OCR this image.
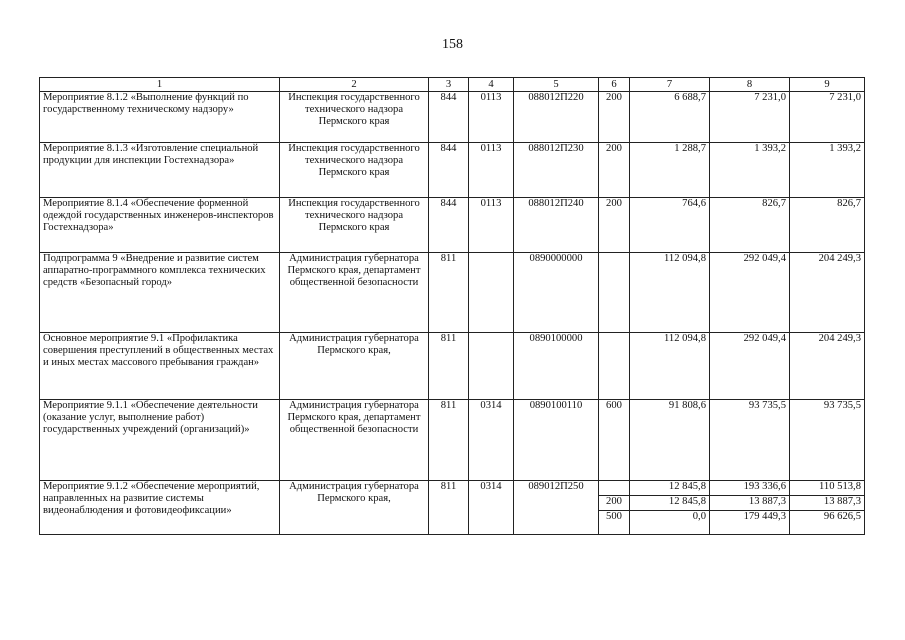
158
1	2	3	4	5	6	7	8	9
Мероприятие 8.1.2 «Выполнение функций по государственному техническому надзору»	Инспекция государственного технического надзора Пермского края	844	0113	088012П220	200	6 688,7	7 231,0	7 231,0
Мероприятие 8.1.3 «Изготовление специальной продукции для инспекции Гостехнадзора»	Инспекция государственного технического надзора Пермского края	844	0113	088012П230	200	1 288,7	1 393,2	1 393,2
Мероприятие 8.1.4 «Обеспечение форменной одеждой государственных инженеров-инспекторов Гостехнадзора»	Инспекция государственного технического надзора Пермского края	844	0113	088012П240	200	764,6	826,7	826,7
Подпрограмма 9 «Внедрение и развитие систем аппаратно-программного комплекса технических средств «Безопасный город»	Администрация губернатора Пермского края, департамент общественной безопасности	811		0890000000		112 094,8	292 049,4	204 249,3
Основное мероприятие 9.1 «Профилактика совершения преступлений в общественных местах и иных местах массового пребывания граждан»	Администрация губернатора Пермского края,	811		0890100000		112 094,8	292 049,4	204 249,3
Мероприятие 9.1.1 «Обеспечение деятельности (оказание услуг, выполнение работ) государственных учреждений (организаций)»	Администрация губернатора Пермского края, департамент общественной безопасности	811	0314	0890100110	600	91 808,6	93 735,5	93 735,5
Мероприятие 9.1.2 «Обеспечение мероприятий, направленных на развитие системы видеонаблюдения и фотовидеофиксации»	Администрация губернатора Пермского края,	811	0314	089012П250		12 845,8	193 336,6	110 513,8
					200	12 845,8	13 887,3	13 887,3
					500	0,0	179 449,3	96 626,5
